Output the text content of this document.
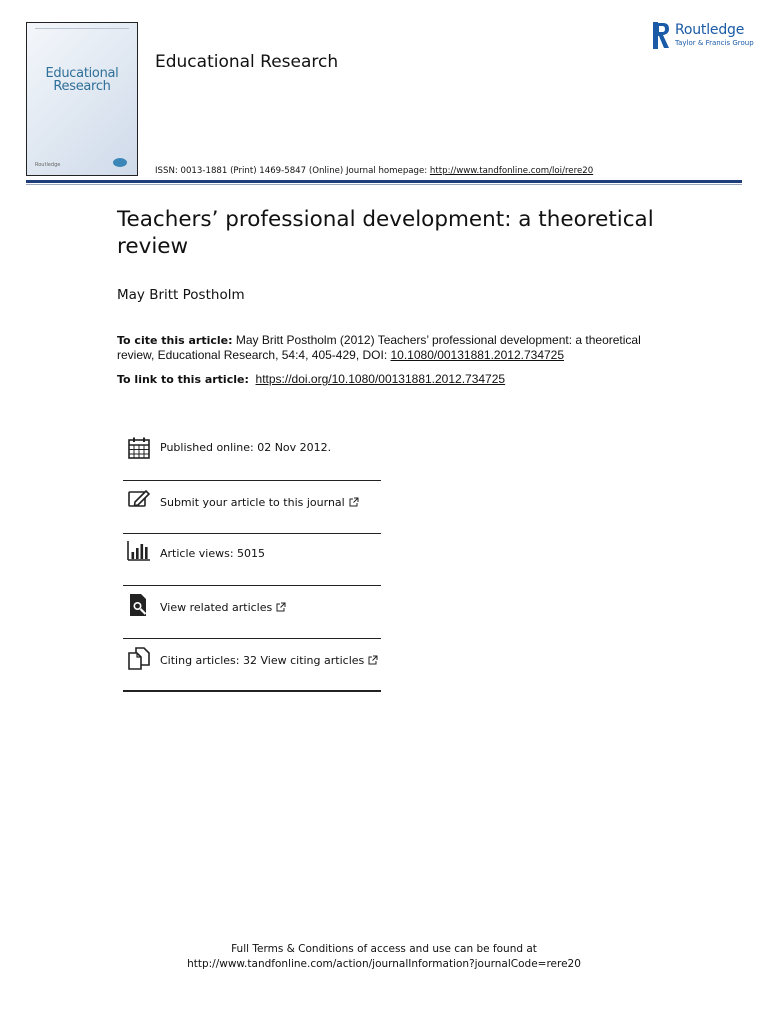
Educational
Research
Routledge
Educational Research
ISSN: 0013-1881 (Print) 1469-5847 (Online) Journal homepage: http://www.tandfonline.com/loi/rere20
Routledge
Taylor & Francis Group
Teachers’ professional development: a theoretical review
May Britt Postholm
To cite this article: May Britt Postholm (2012) Teachers’ professional development: a theoretical review, Educational Research, 54:4, 405-429, DOI: 10.1080/00131881.2012.734725
To link to this article: https://doi.org/10.1080/00131881.2012.734725
Published online: 02 Nov 2012.
Submit your article to this journal
Article views: 5015
View related articles
Citing articles: 32 View citing articles
Full Terms & Conditions of access and use can be found at
http://www.tandfonline.com/action/journalInformation?journalCode=rere20
